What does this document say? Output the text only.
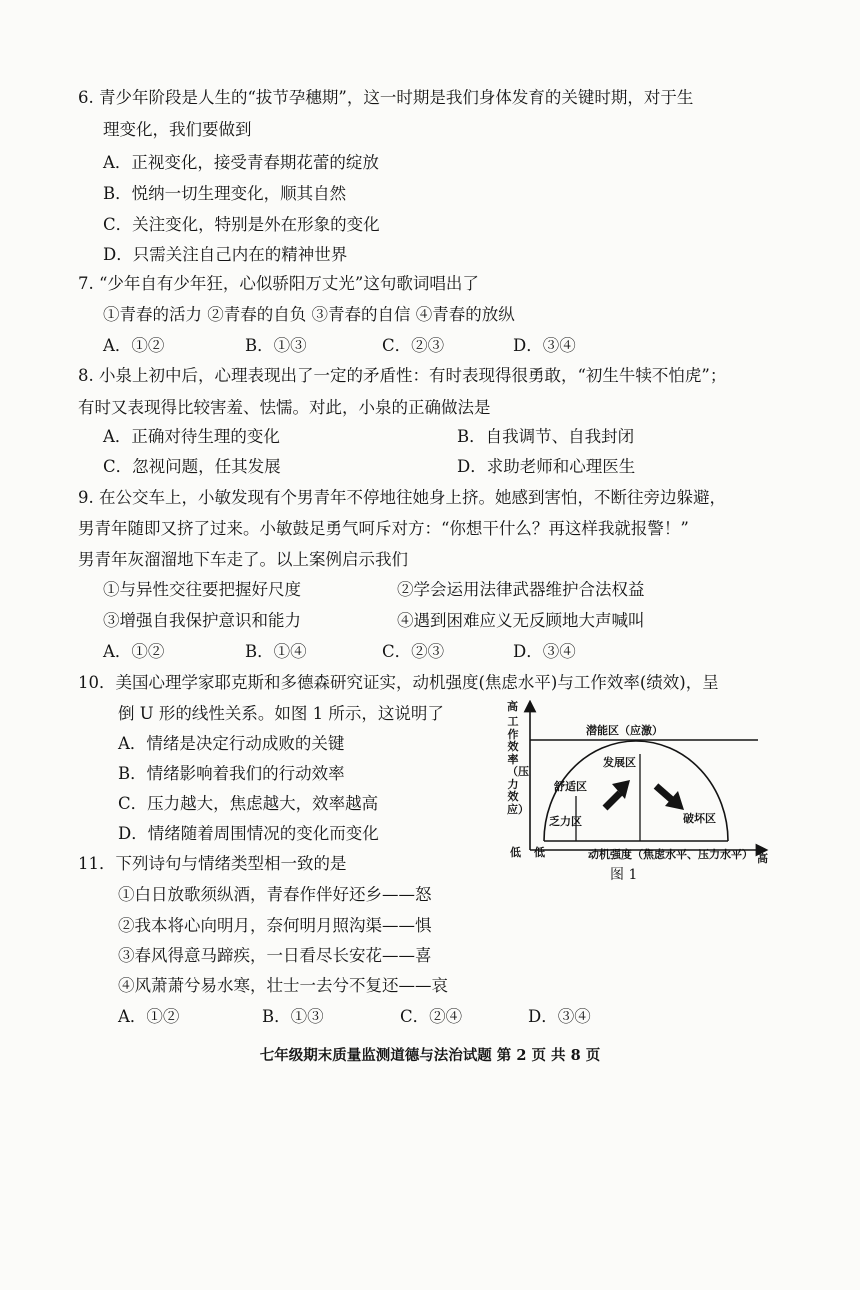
6. 青少年阶段是人生的“拔节孕穗期”，这一时期是我们身体发育的关键时期，对于生
理变化，我们要做到
A．正视变化，接受青春期花蕾的绽放
B．悦纳一切生理变化，顺其自然
C．关注变化，特别是外在形象的变化
D．只需关注自己内在的精神世界
7. “少年自有少年狂，心似骄阳万丈光”这句歌词唱出了
①青春的活力 ②青春的自负 ③青春的自信 ④青春的放纵
A．①②	B．①③	C．②③	D．③④
8. 小泉上初中后，心理表现出了一定的矛盾性：有时表现得很勇敢，“初生牛犊不怕虎”；
有时又表现得比较害羞、怯懦。对此，小泉的正确做法是
A．正确对待生理的变化	B．自我调节、自我封闭
C．忽视问题，任其发展	D．求助老师和心理医生
9. 在公交车上，小敏发现有个男青年不停地往她身上挤。她感到害怕，不断往旁边躲避，
男青年随即又挤了过来。小敏鼓足勇气呵斥对方：“你想干什么？再这样我就报警！”
男青年灰溜溜地下车走了。以上案例启示我们
①与异性交往要把握好尺度	②学会运用法律武器维护合法权益
③增强自我保护意识和能力	④遇到困难应义无反顾地大声喊叫
A．①②	B．①④	C．②③	D．③④
10．美国心理学家耶克斯和多德森研究证实，动机强度(焦虑水平)与工作效率(绩效)，呈
倒 U 形的线性关系。如图 1 所示，这说明了
A．情绪是决定行动成败的关键
B．情绪影响着我们的行动效率
C．压力越大，焦虑越大，效率越高
D．情绪随着周围情况的变化而变化
高
工作效率（压力效应）
低 低	动机强度（焦虑水平、压力水平） 高
潜能区（应激）
发展区
舒适区
乏力区	破坏区
图 1
11．下列诗句与情绪类型相一致的是
①白日放歌须纵酒，青春作伴好还乡——怒
②我本将心向明月，奈何明月照沟渠——惧
③春风得意马蹄疾，一日看尽长安花——喜
④风萧萧兮易水寒，壮士一去兮不复还——哀
A．①②	B．①③	C．②④	D．③④
七年级期末质量监测道德与法治试题 第 2 页 共 8 页
